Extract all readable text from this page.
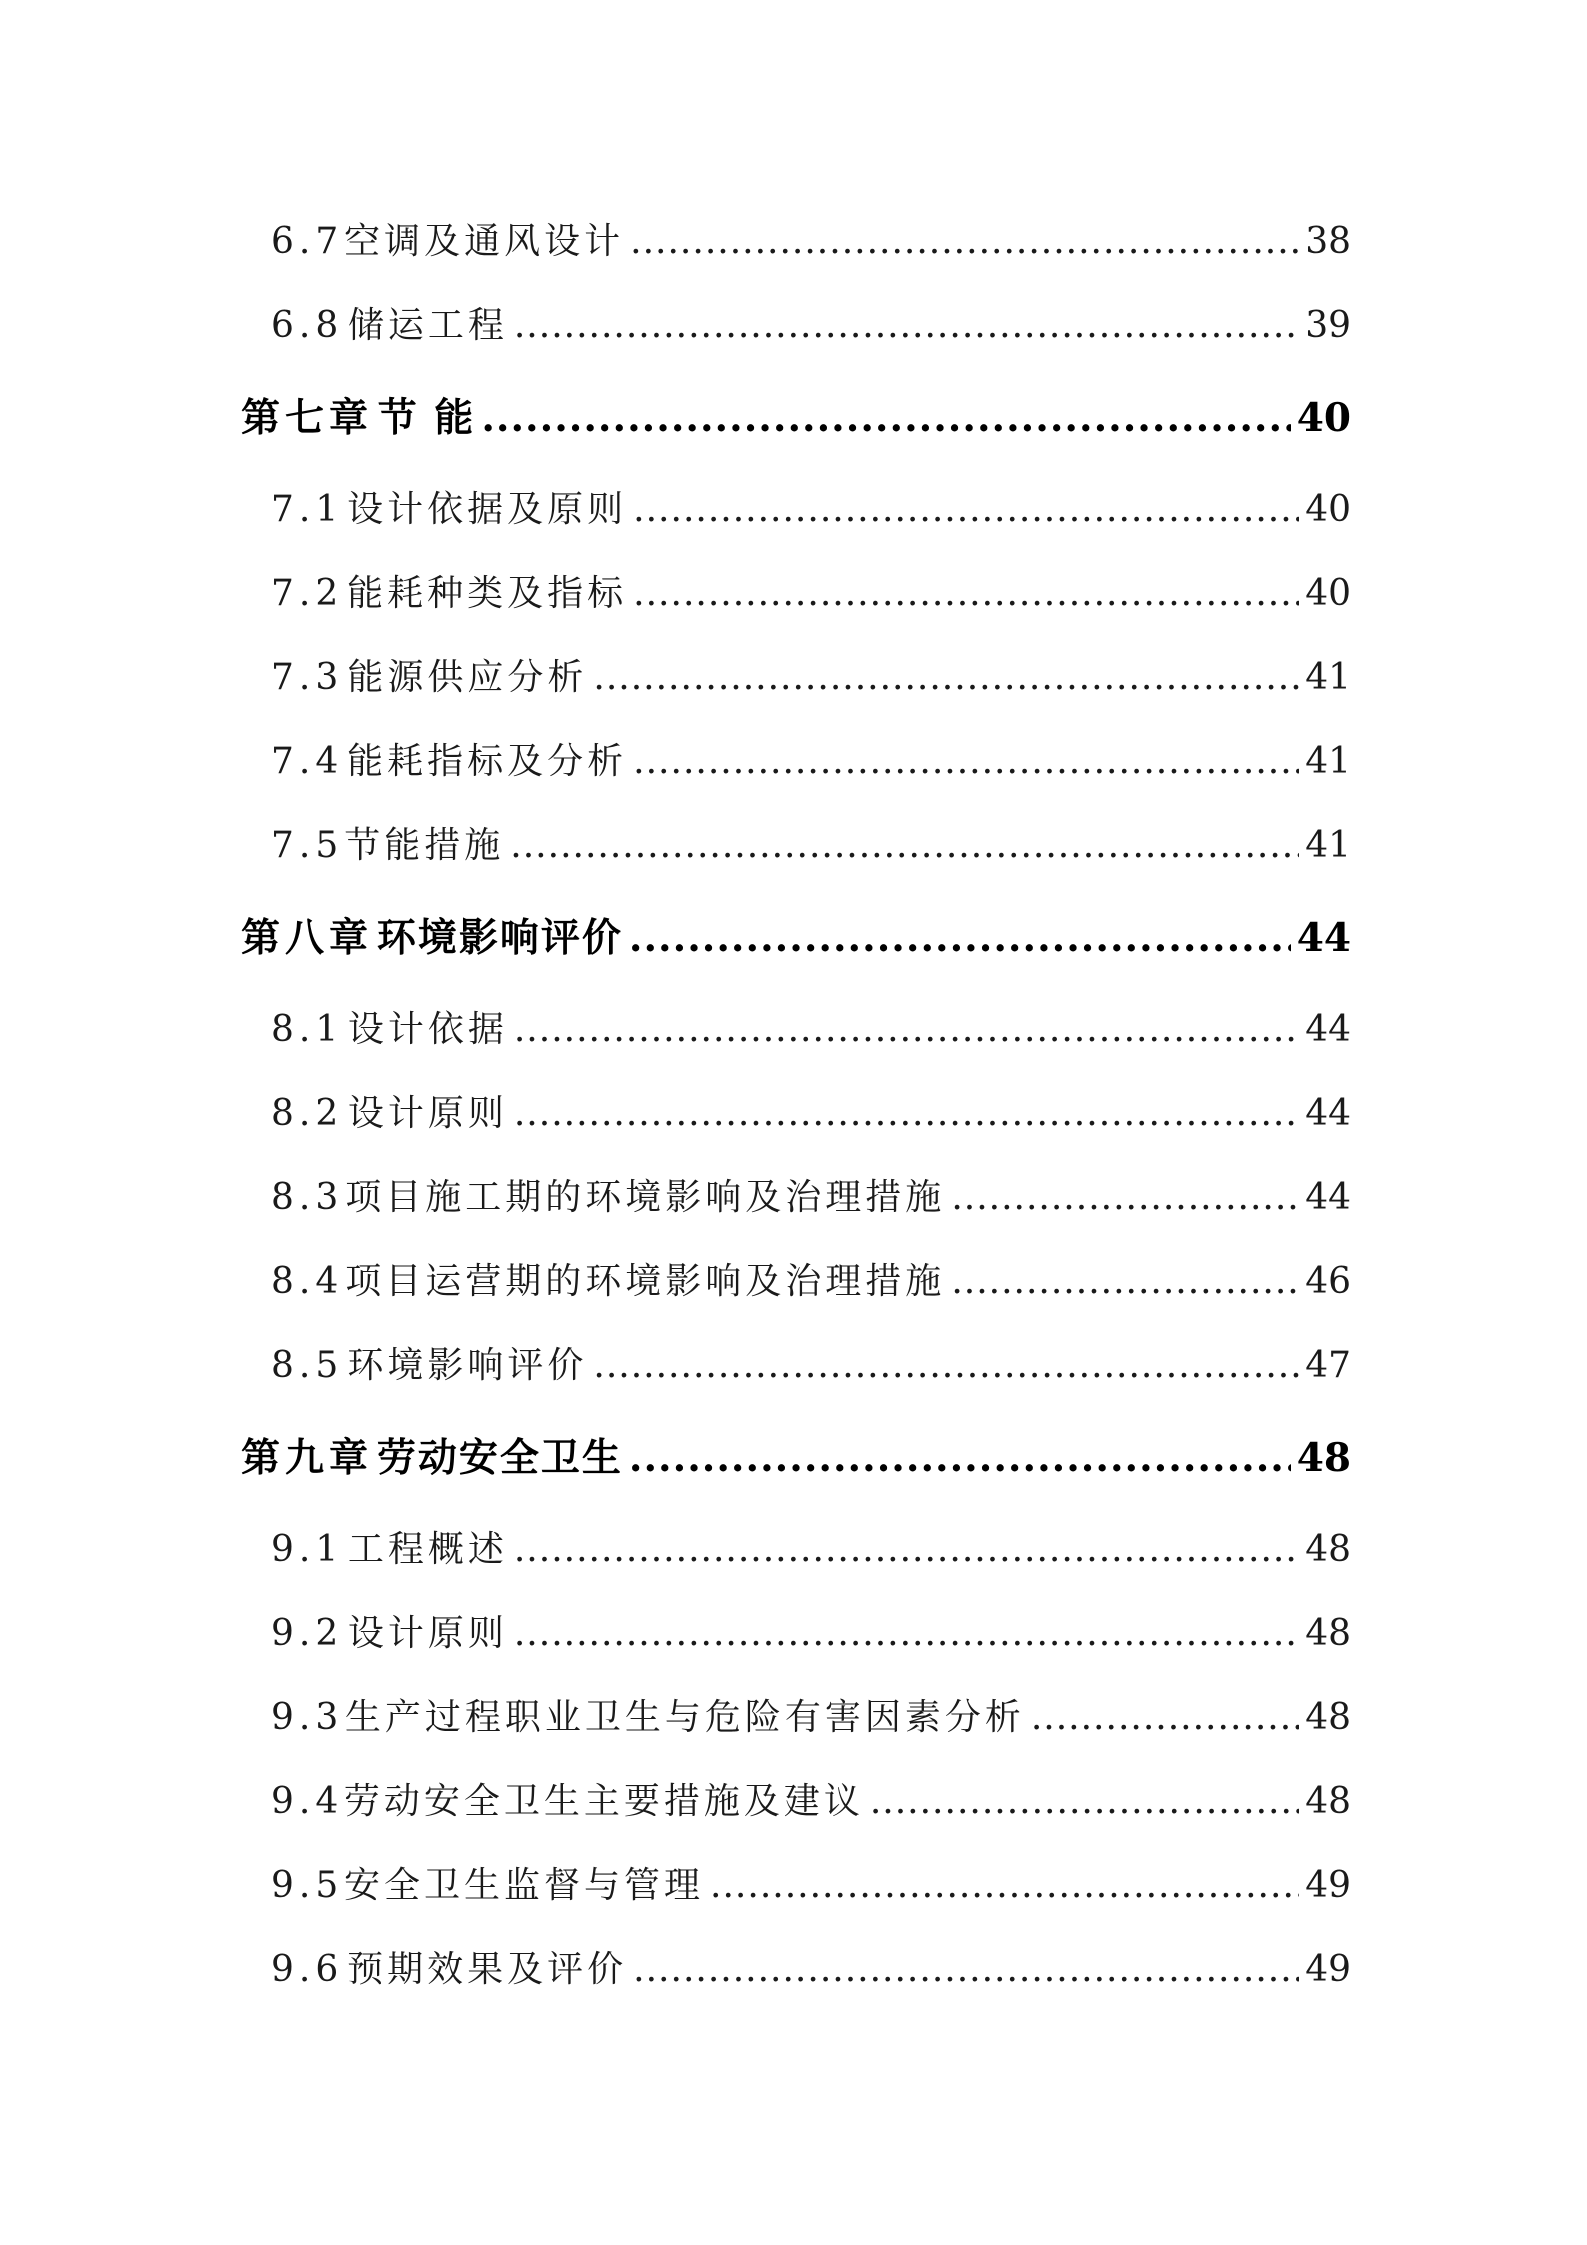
6.7 空调及通风设计 .....	38
6.8 储运工程 .....	39
第七章 节 能 .....	40
7.1 设计依据及原则 .....	40
7.2 能耗种类及指标 .....	40
7.3 能源供应分析 .....	41
7.4 能耗指标及分析 .....	41
7.5 节能措施 .....	41
第八章 环境影响评价 .....	44
8.1 设计依据 .....	44
8.2 设计原则 .....	44
8.3 项目施工期的环境影响及治理措施 .....	44
8.4 项目运营期的环境影响及治理措施 .....	46
8.5 环境影响评价 .....	47
第九章 劳动安全卫生 .....	48
9.1 工程概述 .....	48
9.2 设计原则 .....	48
9.3 生产过程职业卫生与危险有害因素分析 .....	48
9.4 劳动安全卫生主要措施及建议 .....	48
9.5 安全卫生监督与管理 .....	49
9.6 预期效果及评价 .....	49
